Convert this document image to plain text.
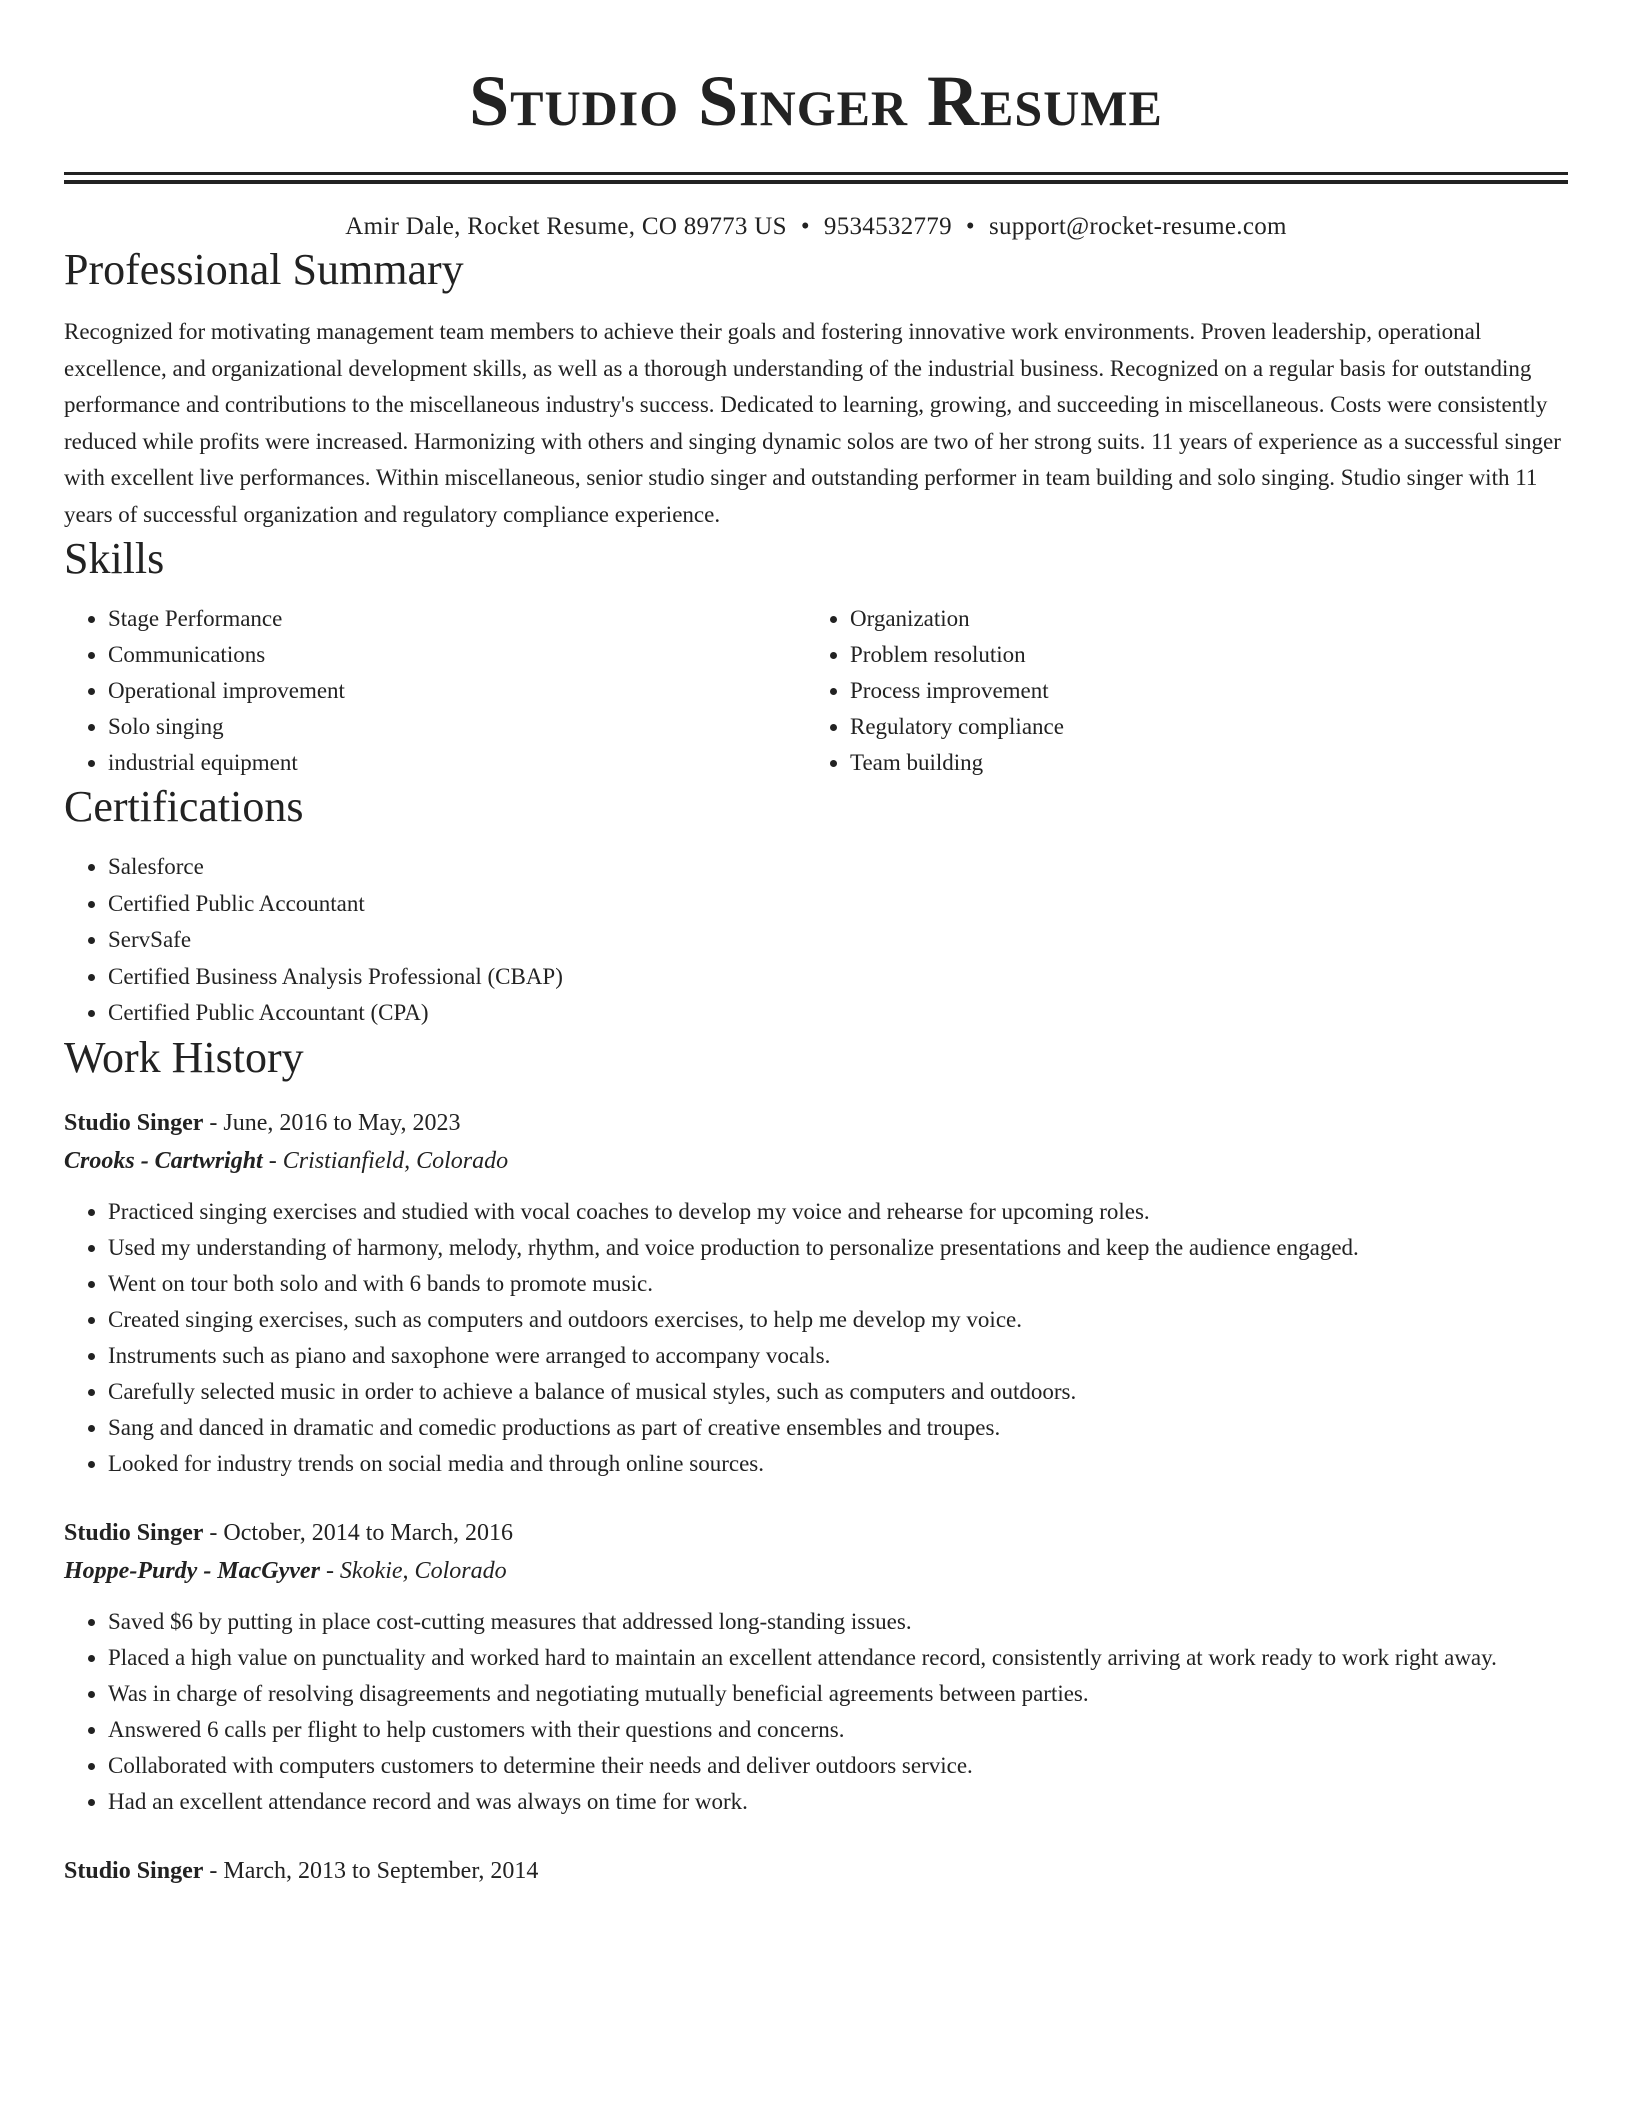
Studio Singer Resume
Amir Dale, Rocket Resume, CO 89773 US • 9534532779 • support@rocket-resume.com
Professional Summary

Recognized for motivating management team members to achieve their goals and fostering innovative work environments. Proven leadership, operational excellence, and organizational development skills, as well as a thorough understanding of the industrial business. Recognized on a regular basis for outstanding performance and contributions to the miscellaneous industry's success. Dedicated to learning, growing, and succeeding in miscellaneous. Costs were consistently reduced while profits were increased. Harmonizing with others and singing dynamic solos are two of her strong suits. 11 years of experience as a successful singer with excellent live performances. Within miscellaneous, senior studio singer and outstanding performer in team building and solo singing. Studio singer with 11 years of successful organization and regulatory compliance experience.

Skills
• Stage Performance
• Communications
• Operational improvement
• Solo singing
• industrial equipment
• Organization
• Problem resolution
• Process improvement
• Regulatory compliance
• Team building
Certifications
• Salesforce
• Certified Public Accountant
• ServSafe
• Certified Business Analysis Professional (CBAP)
• Certified Public Accountant (CPA)
Work History
Studio Singer - June, 2016 to May, 2023
Crooks - Cartwright - Cristianfield, Colorado
• Practiced singing exercises and studied with vocal coaches to develop my voice and rehearse for upcoming roles.
• Used my understanding of harmony, melody, rhythm, and voice production to personalize presentations and keep the audience engaged.
• Went on tour both solo and with 6 bands to promote music.
• Created singing exercises, such as computers and outdoors exercises, to help me develop my voice.
• Instruments such as piano and saxophone were arranged to accompany vocals.
• Carefully selected music in order to achieve a balance of musical styles, such as computers and outdoors.
• Sang and danced in dramatic and comedic productions as part of creative ensembles and troupes.
• Looked for industry trends on social media and through online sources.
Studio Singer - October, 2014 to March, 2016
Hoppe-Purdy - MacGyver - Skokie, Colorado
• Saved $6 by putting in place cost-cutting measures that addressed long-standing issues.
• Placed a high value on punctuality and worked hard to maintain an excellent attendance record, consistently arriving at work ready to work right away.
• Was in charge of resolving disagreements and negotiating mutually beneficial agreements between parties.
• Answered 6 calls per flight to help customers with their questions and concerns.
• Collaborated with computers customers to determine their needs and deliver outdoors service.
• Had an excellent attendance record and was always on time for work.
Studio Singer - March, 2013 to September, 2014
